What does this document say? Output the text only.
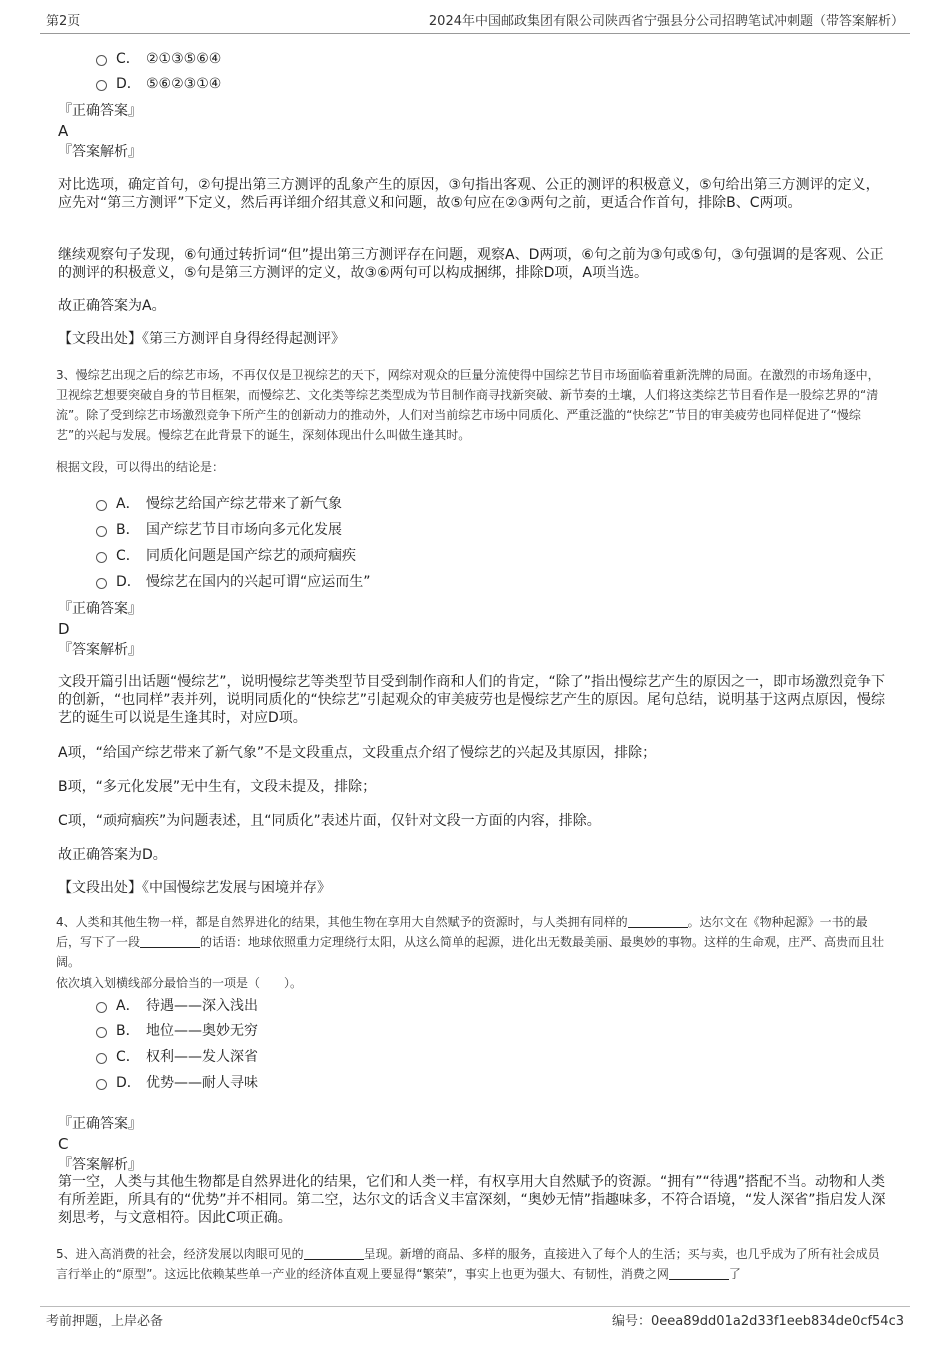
第2页	2024年中国邮政集团有限公司陕西省宁强县分公司招聘笔试冲刺题（带答案解析）
C． ②①③⑤⑥④
D． ⑤⑥②③①④
『正确答案』
A
『答案解析』
对比选项，确定首句，②句提出第三方测评的乱象产生的原因，③句指出客观、公正的测评的积极意义，⑤句给出第三方测评的定义，应先对“第三方测评”下定义，然后再详细介绍其意义和问题，故⑤句应在②③两句之前，更适合作首句，排除B、C两项。
继续观察句子发现，⑥句通过转折词“但”提出第三方测评存在问题，观察A、D两项，⑥句之前为③句或⑤句，③句强调的是客观、公正的测评的积极意义，⑤句是第三方测评的定义，故③⑥两句可以构成捆绑，排除D项，A项当选。
故正确答案为A。
【文段出处】《第三方测评自身得经得起测评》
3、慢综艺出现之后的综艺市场，不再仅仅是卫视综艺的天下，网综对观众的巨量分流使得中国综艺节目市场面临着重新洗牌的局面。在激烈的市场角逐中，卫视综艺想要突破自身的节目框架，而慢综艺、文化类等综艺类型成为节目制作商寻找新突破、新节奏的土壤，人们将这类综艺节目看作是一股综艺界的“清流”。除了受到综艺市场激烈竞争下所产生的创新动力的推动外，人们对当前综艺市场中同质化、严重泛滥的“快综艺”节目的审美疲劳也同样促进了“慢综艺”的兴起与发展。慢综艺在此背景下的诞生，深刻体现出什么叫做生逢其时。
根据文段，可以得出的结论是：
A． 慢综艺给国产综艺带来了新气象
B． 国产综艺节目市场向多元化发展
C． 同质化问题是国产综艺的顽疴痼疾
D． 慢综艺在国内的兴起可谓“应运而生”
『正确答案』
D
『答案解析』
文段开篇引出话题“慢综艺”，说明慢综艺等类型节目受到制作商和人们的肯定，“除了”指出慢综艺产生的原因之一，即市场激烈竞争下的创新，“也同样”表并列，说明同质化的“快综艺”引起观众的审美疲劳也是慢综艺产生的原因。尾句总结，说明基于这两点原因，慢综艺的诞生可以说是生逢其时，对应D项。
A项，“给国产综艺带来了新气象”不是文段重点，文段重点介绍了慢综艺的兴起及其原因，排除；
B项，“多元化发展”无中生有，文段未提及，排除；
C项，“顽疴痼疾”为问题表述，且“同质化”表述片面，仅针对文段一方面的内容，排除。
故正确答案为D。
【文段出处】《中国慢综艺发展与困境并存》
4、人类和其他生物一样，都是自然界进化的结果，其他生物在享用大自然赋予的资源时，与人类拥有同样的	。达尔文在《物种起源》一书的最后，写下了一段	的话语：地球依照重力定理绕行太阳，从这么简单的起源，进化出无数最美丽、最奥妙的事物。这样的生命观，庄严、高贵而且壮阔。
依次填入划横线部分最恰当的一项是（　　）。
A． 待遇——深入浅出
B． 地位——奥妙无穷
C． 权利——发人深省
D． 优势——耐人寻味
『正确答案』
C
『答案解析』
第一空，人类与其他生物都是自然界进化的结果，它们和人类一样，有权享用大自然赋予的资源。“拥有”“待遇”搭配不当。动物和人类有所差距，所具有的“优势”并不相同。第二空，达尔文的话含义丰富深刻，“奥妙无情”指趣味多，不符合语境，“发人深省”指启发人深刻思考，与文意相符。因此C项正确。
5、进入高消费的社会，经济发展以肉眼可见的	呈现。新增的商品、多样的服务，直接进入了每个人的生活；买与卖，也几乎成为了所有社会成员言行举止的“原型”。这远比依赖某些单一产业的经济体直观上要显得“繁荣”，事实上也更为强大、有韧性，消费之网	了
考前押题，上岸必备	编号：0eea89dd01a2d33f1eeb834de0cf54c3
